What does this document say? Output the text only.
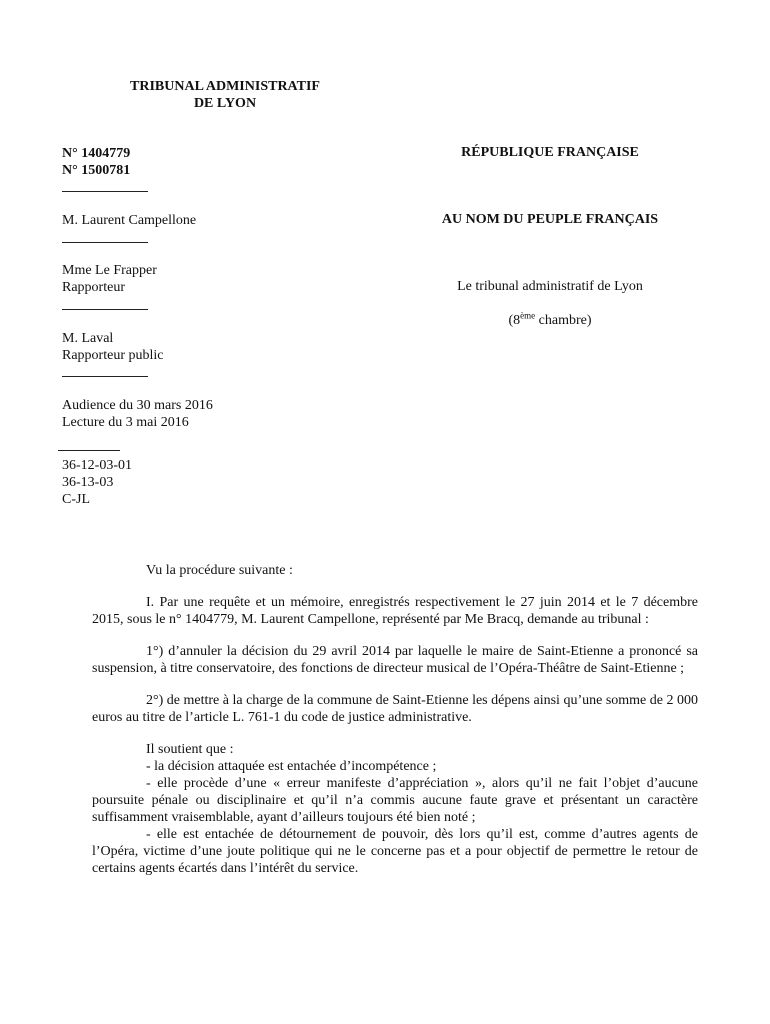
TRIBUNAL ADMINISTRATIF
DE LYON
N° 1404779
N° 1500781
RÉPUBLIQUE FRANÇAISE
M. Laurent Campellone	AU NOM DU PEUPLE FRANÇAIS
Mme Le Frapper
Rapporteur	Le tribunal administratif de Lyon
(8ème chambre)
M. Laval
Rapporteur public
Audience du 30 mars 2016
Lecture du 3 mai 2016
36-12-03-01
36-13-03
C-JL

Vu la procédure suivante :

I. Par une requête et un mémoire, enregistrés respectivement le 27 juin 2014 et le 7 décembre 2015, sous le n° 1404779, M. Laurent Campellone, représenté par Me Bracq, demande au tribunal :

1°) d’annuler la décision du 29 avril 2014 par laquelle le maire de Saint-Etienne a prononcé sa suspension, à titre conservatoire, des fonctions de directeur musical de l’Opéra-Théâtre de Saint-Etienne ;

2°) de mettre à la charge de la commune de Saint-Etienne les dépens ainsi qu’une somme de 2 000 euros au titre de l’article L. 761-1 du code de justice administrative.

Il soutient que :

- la décision attaquée est entachée d’incompétence ;

- elle procède d’une « erreur manifeste d’appréciation », alors qu’il ne fait l’objet d’aucune poursuite pénale ou disciplinaire et qu’il n’a commis aucune faute grave et présentant un caractère suffisamment vraisemblable, ayant d’ailleurs toujours été bien noté ;

- elle est entachée de détournement de pouvoir, dès lors qu’il est, comme d’autres agents de l’Opéra, victime d’une joute politique qui ne le concerne pas et a pour objectif de permettre le retour de certains agents écartés dans l’intérêt du service.
